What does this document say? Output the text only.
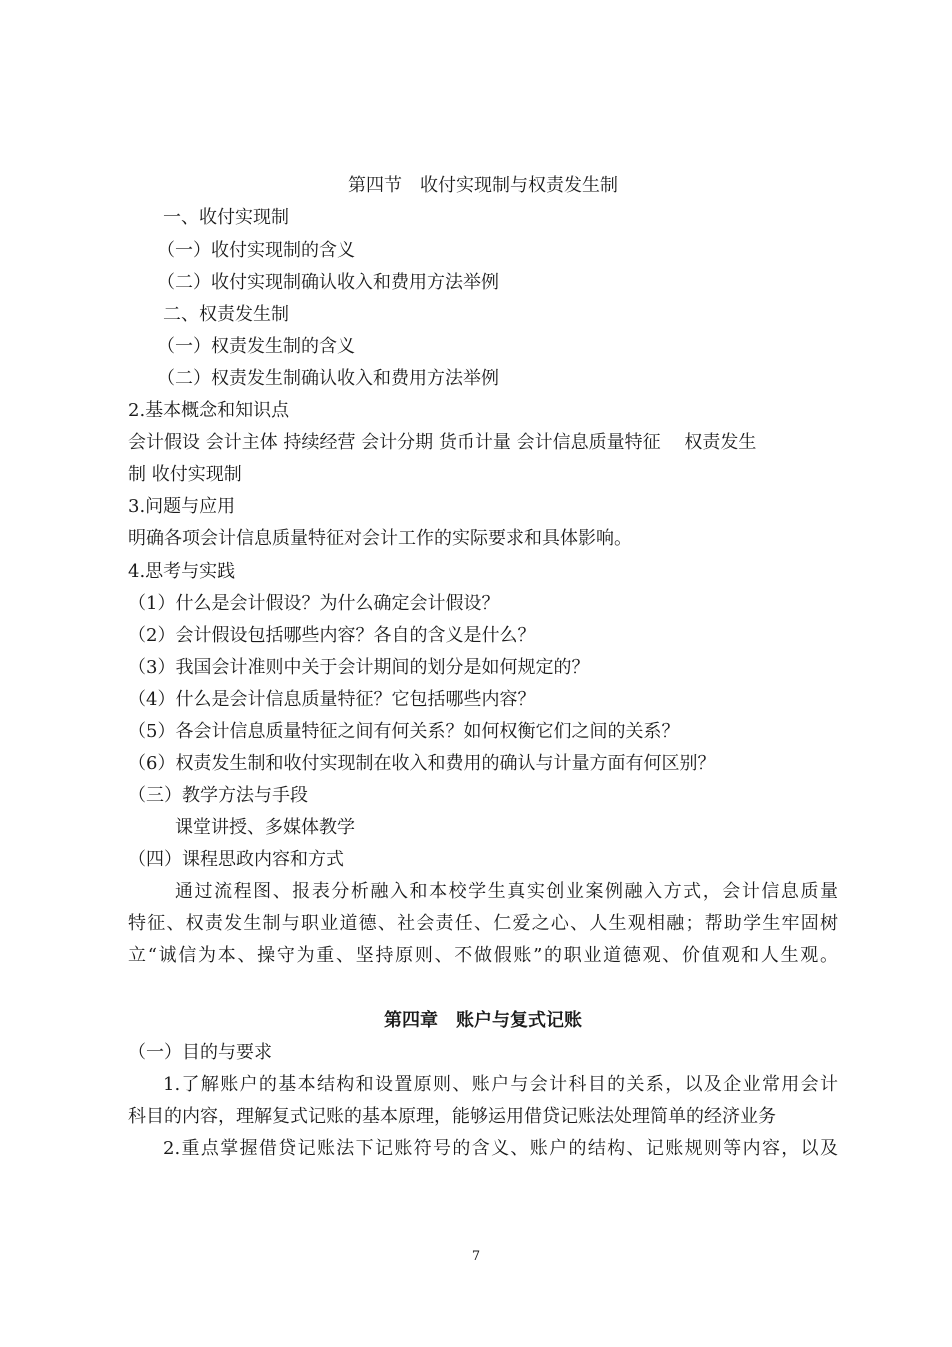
第四节　收付实现制与权责发生制
一、收付实现制
（一）收付实现制的含义
（二）收付实现制确认收入和费用方法举例
二、权责发生制
（一）权责发生制的含义
（二）权责发生制确认收入和费用方法举例
2.基本概念和知识点
会计假设 会计主体 持续经营 会计分期 货币计量 会计信息质量特征 　权责发生
制 收付实现制
3.问题与应用
明确各项会计信息质量特征对会计工作的实际要求和具体影响。
4.思考与实践
（1）什么是会计假设？为什么确定会计假设？
（2）会计假设包括哪些内容？各自的含义是什么？
（3）我国会计准则中关于会计期间的划分是如何规定的？
（4）什么是会计信息质量特征？它包括哪些内容？
（5）各会计信息质量特征之间有何关系？如何权衡它们之间的关系？
（6）权责发生制和收付实现制在收入和费用的确认与计量方面有何区别？
（三）教学方法与手段
课堂讲授、多媒体教学
（四）课程思政内容和方式
通过流程图、报表分析融入和本校学生真实创业案例融入方式，会计信息质量
特征、权责发生制与职业道德、社会责任、仁爱之心、人生观相融；帮助学生牢固树
立“诚信为本、操守为重、坚持原则、不做假账”的职业道德观、价值观和人生观。
第四章　账户与复式记账
（一）目的与要求
1.了解账户的基本结构和设置原则、账户与会计科目的关系，以及企业常用会计
科目的内容，理解复式记账的基本原理，能够运用借贷记账法处理简单的经济业务
2.重点掌握借贷记账法下记账符号的含义、账户的结构、记账规则等内容，以及
7
